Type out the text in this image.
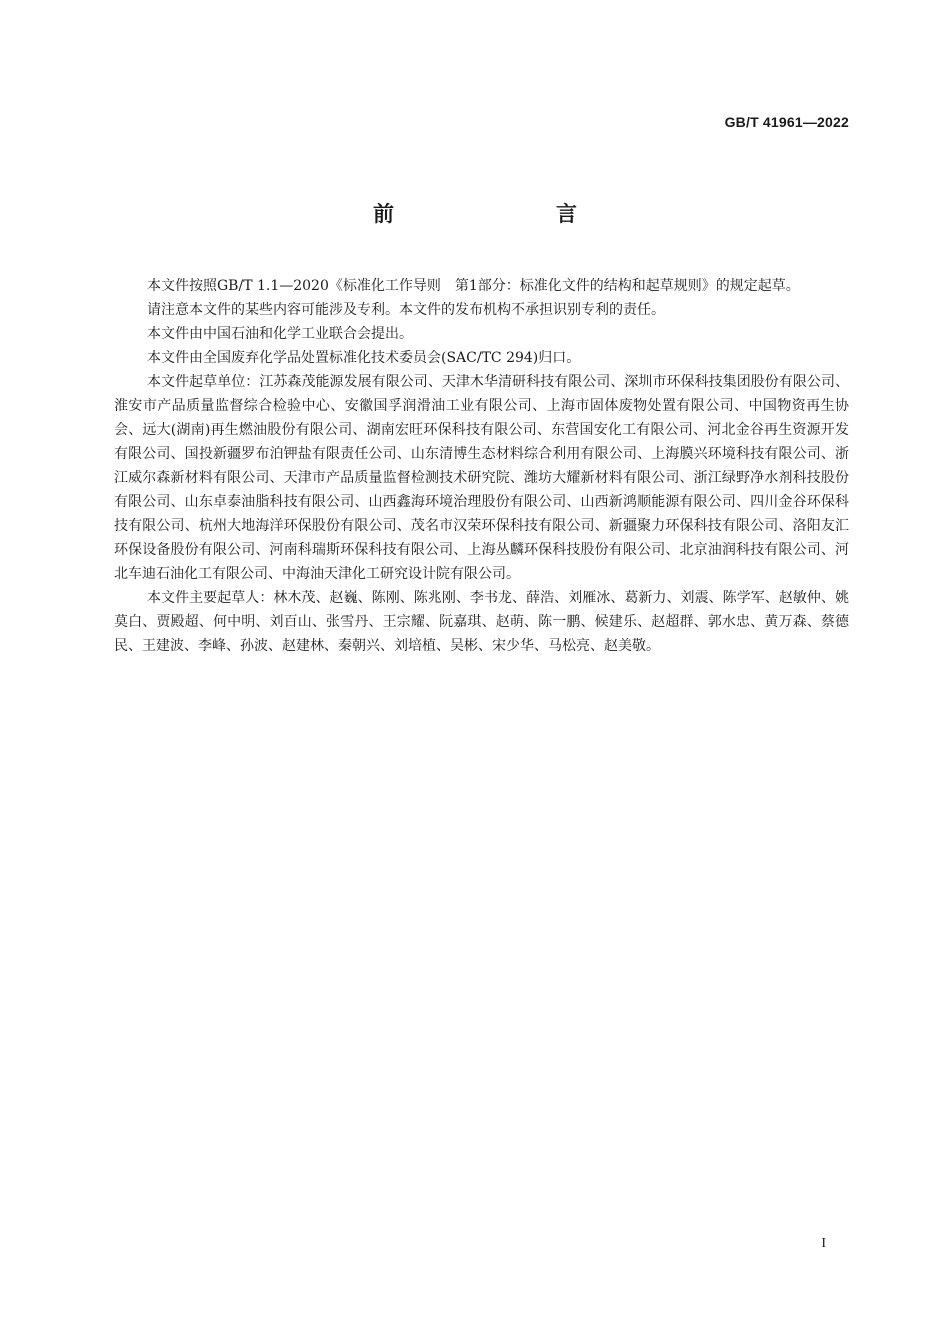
GB/T 41961—2022
前　　言

本文件按照GB/T 1.1—2020《标准化工作导则　第1部分：标准化文件的结构和起草规则》的规定起草。

请注意本文件的某些内容可能涉及专利。本文件的发布机构不承担识别专利的责任。

本文件由中国石油和化学工业联合会提出。

本文件由全国废弃化学品处置标准化技术委员会(SAC/TC 294)归口。

本文件起草单位：江苏森茂能源发展有限公司、天津木华清研科技有限公司、深圳市环保科技集团股份有限公司、淮安市产品质量监督综合检验中心、安徽国孚润滑油工业有限公司、上海市固体废物处置有限公司、中国物资再生协会、远大(湖南)再生燃油股份有限公司、湖南宏旺环保科技有限公司、东营国安化工有限公司、河北金谷再生资源开发有限公司、国投新疆罗布泊钾盐有限责任公司、山东清博生态材料综合利用有限公司、上海膜兴环境科技有限公司、浙江威尔森新材料有限公司、天津市产品质量监督检测技术研究院、潍坊大耀新材料有限公司、浙江绿野净水剂科技股份有限公司、山东卓泰油脂科技有限公司、山西鑫海环境治理股份有限公司、山西新鸿顺能源有限公司、四川金谷环保科技有限公司、杭州大地海洋环保股份有限公司、茂名市汉荣环保科技有限公司、新疆聚力环保科技有限公司、洛阳友汇环保设备股份有限公司、河南科瑞斯环保科技有限公司、上海丛麟环保科技股份有限公司、北京油润科技有限公司、河北车迪石油化工有限公司、中海油天津化工研究设计院有限公司。

本文件主要起草人：林木茂、赵巍、陈刚、陈兆刚、李书龙、薛浩、刘雁冰、葛新力、刘震、陈学军、赵敏仲、姚莫白、贾殿超、何中明、刘百山、张雪丹、王宗耀、阮嘉琪、赵萌、陈一鹏、候建乐、赵超群、郭水忠、黄万森、蔡德民、王建波、李峰、孙波、赵建林、秦朝兴、刘培植、吴彬、宋少华、马松亮、赵美敬。

I
